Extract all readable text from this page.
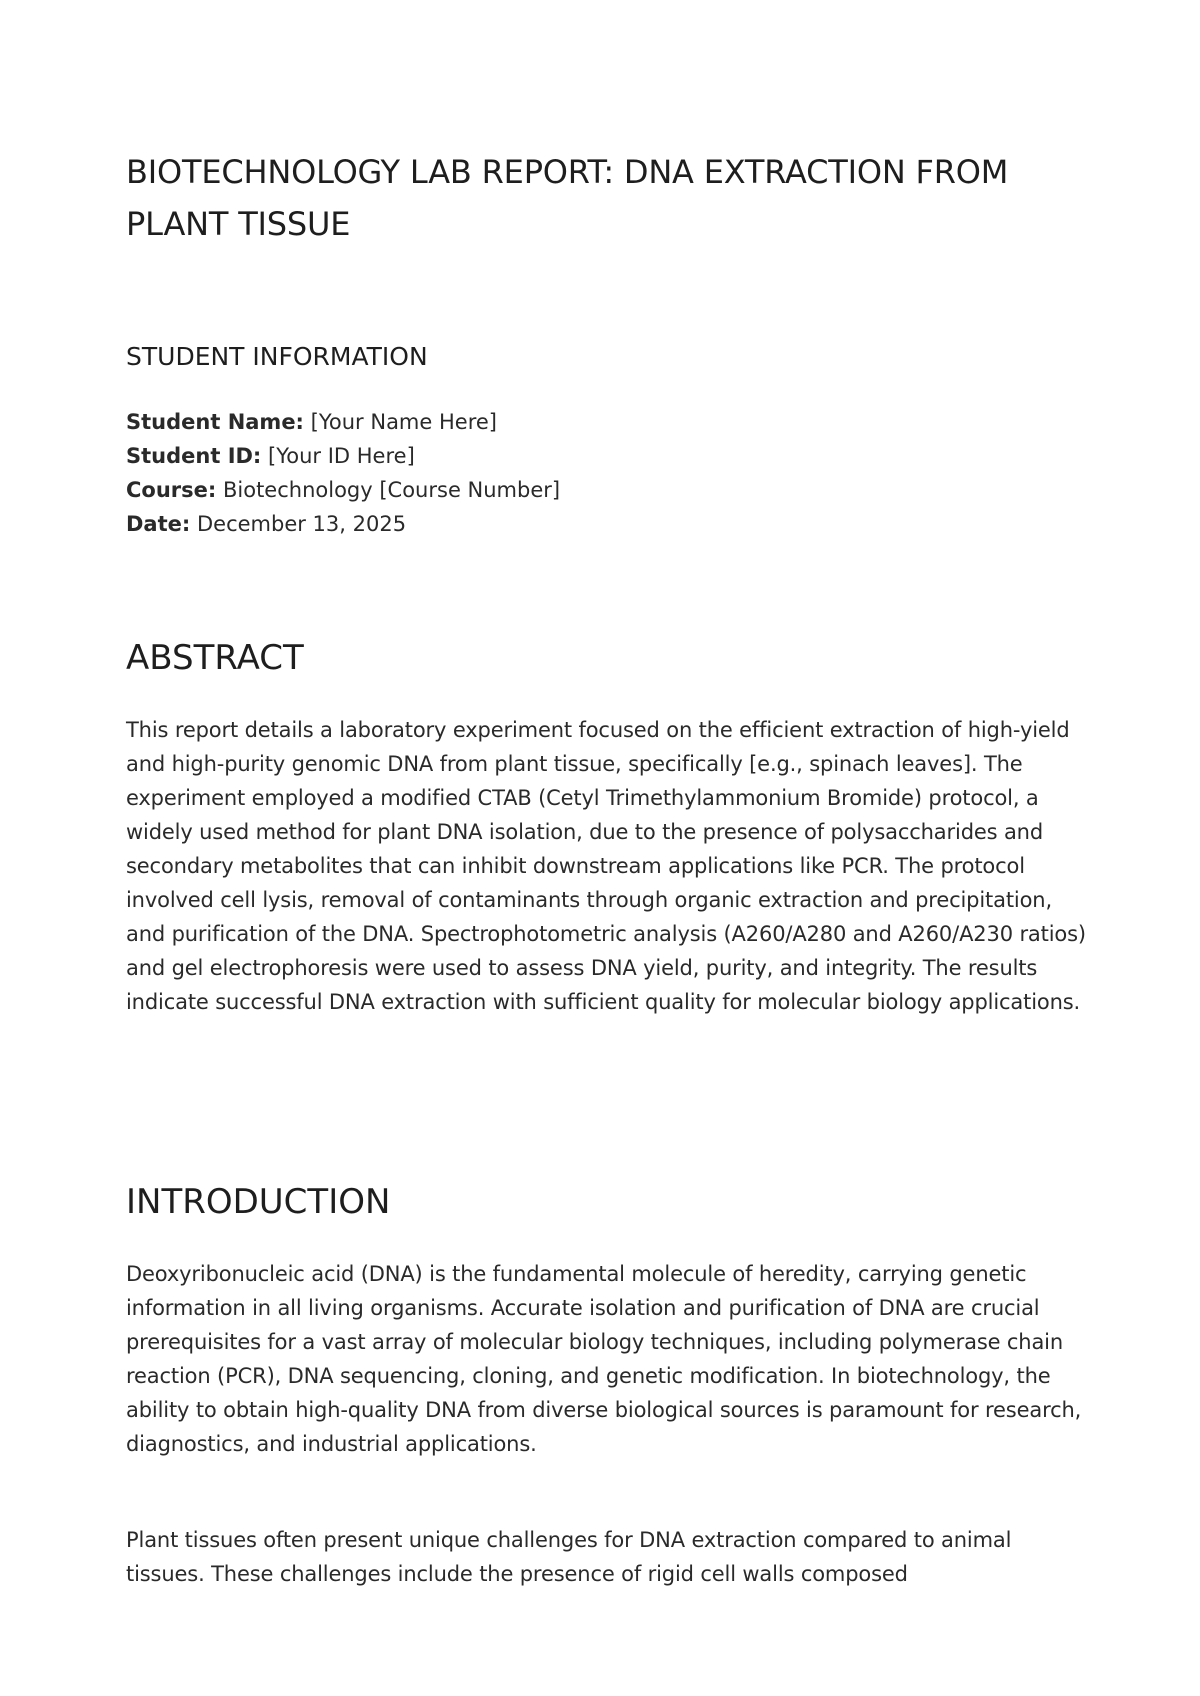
BIOTECHNOLOGY LAB REPORT: DNA EXTRACTION FROM PLANT TISSUE
STUDENT INFORMATION
Student Name: [Your Name Here]
Student ID: [Your ID Here]
Course: Biotechnology [Course Number]
Date: December 13, 2025
ABSTRACT

This report details a laboratory experiment focused on the efficient extraction of high-yield and high-purity genomic DNA from plant tissue, specifically [e.g., spinach leaves]. The experiment employed a modified CTAB (Cetyl Trimethylammonium Bromide) protocol, a widely used method for plant DNA isolation, due to the presence of polysaccharides and secondary metabolites that can inhibit downstream applications like PCR. The protocol involved cell lysis, removal of contaminants through organic extraction and precipitation, and purification of the DNA. Spectrophotometric analysis (A260/A280 and A260/A230 ratios) and gel electrophoresis were used to assess DNA yield, purity, and integrity. The results indicate successful DNA extraction with sufficient quality for molecular biology applications.

INTRODUCTION

Deoxyribonucleic acid (DNA) is the fundamental molecule of heredity, carrying genetic information in all living organisms. Accurate isolation and purification of DNA are crucial prerequisites for a vast array of molecular biology techniques, including polymerase chain reaction (PCR), DNA sequencing, cloning, and genetic modification. In biotechnology, the ability to obtain high-quality DNA from diverse biological sources is paramount for research, diagnostics, and industrial applications.

Plant tissues often present unique challenges for DNA extraction compared to animal tissues. These challenges include the presence of rigid cell walls composed
